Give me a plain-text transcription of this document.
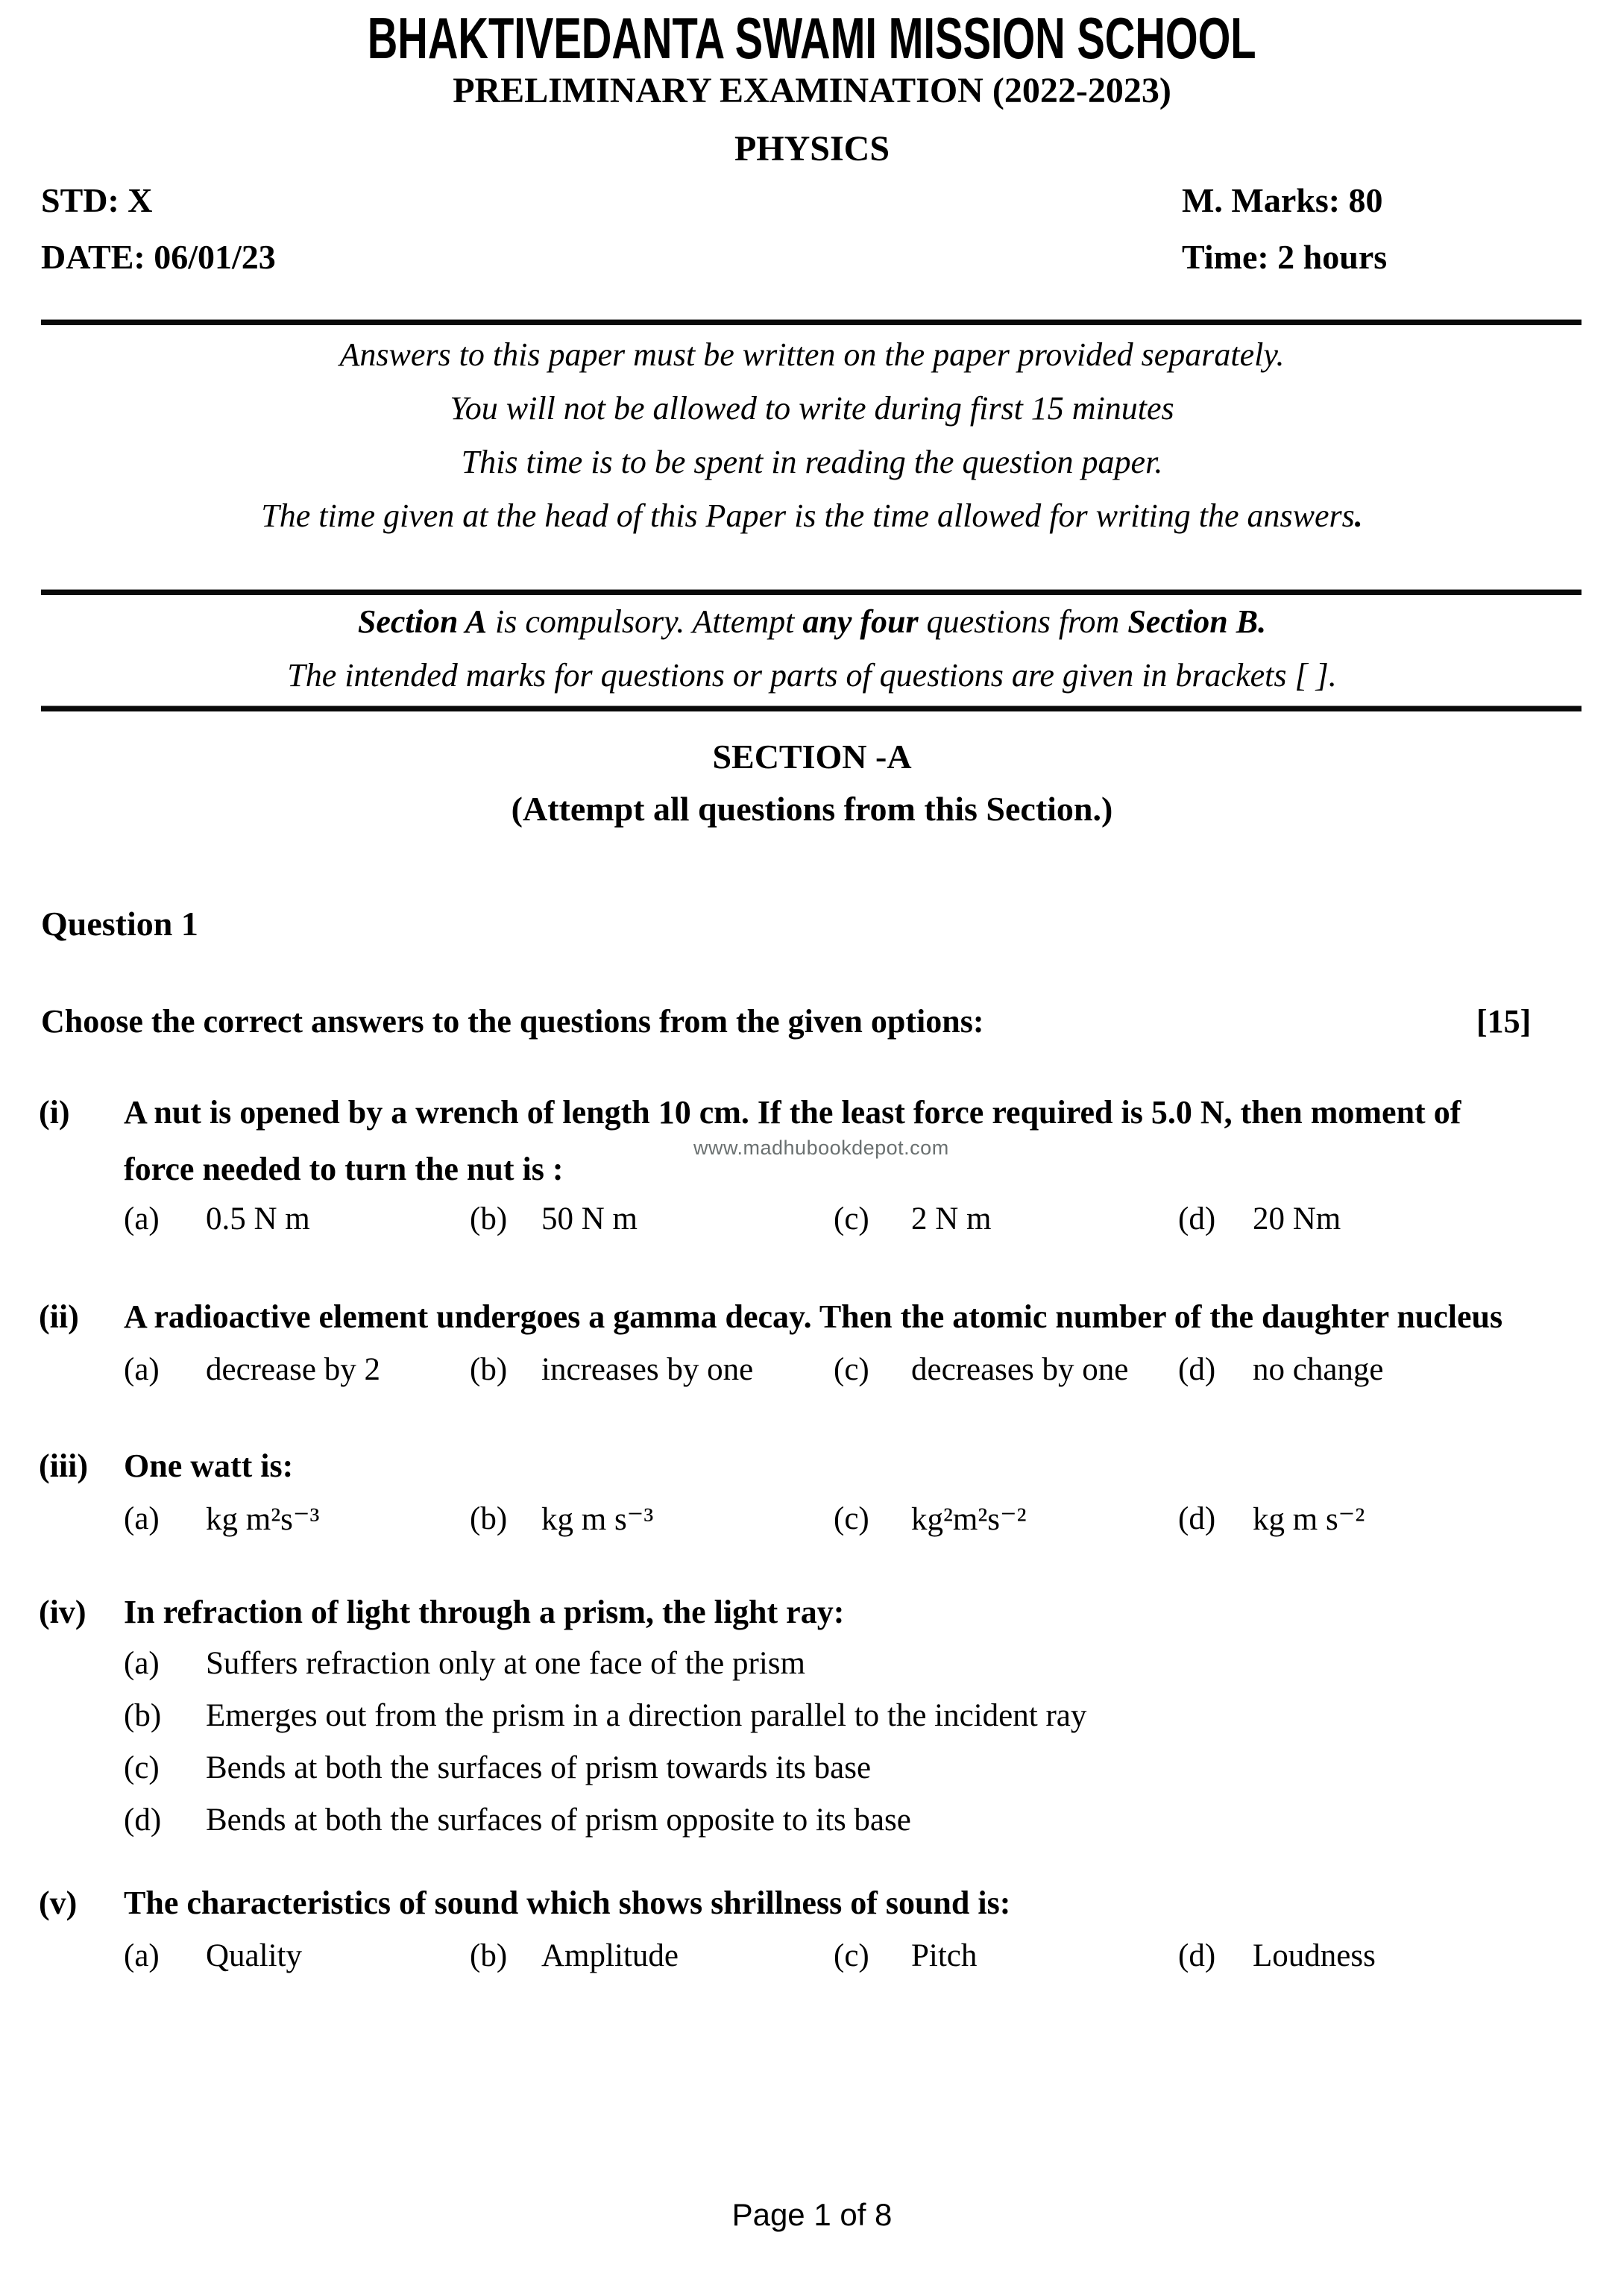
BHAKTIVEDANTA SWAMI MISSION SCHOOL
PRELIMINARY EXAMINATION (2022-2023)
PHYSICS
STD: X	M. Marks: 80
DATE: 06/01/23	Time: 2 hours
Answers to this paper must be written on the paper provided separately.
You will not be allowed to write during first 15 minutes
This time is to be spent in reading the question paper.
The time given at the head of this Paper is the time allowed for writing the answers.
Section A is compulsory. Attempt any four questions from Section B.
The intended marks for questions or parts of questions are given in brackets [ ].
SECTION -A
(Attempt all questions from this Section.)
Question 1
Choose the correct answers to the questions from the given options:	[15]
(i) A nut is opened by a wrench of length 10 cm. If the least force required is 5.0 N, then moment of
www.madhubookdepot.com
force needed to turn the nut is :
(a) 0.5 N m	(b) 50 N m	(c) 2 N m	(d) 20 Nm
(ii) A radioactive element undergoes a gamma decay. Then the atomic number of the daughter nucleus
(a) decrease by 2	(b) increases by one	(c) decreases by one (d) no change
(iii) One watt is:
(a) kg m²s⁻³	(b) kg m s⁻³	(c) kg²m²s⁻²	(d) kg m s⁻²
(iv) In refraction of light through a prism, the light ray:
(a) Suffers refraction only at one face of the prism
(b) Emerges out from the prism in a direction parallel to the incident ray
(c) Bends at both the surfaces of prism towards its base
(d) Bends at both the surfaces of prism opposite to its base
(v) The characteristics of sound which shows shrillness of sound is:
(a) Quality	(b) Amplitude	(c) Pitch	(d) Loudness
Page 1 of 8
